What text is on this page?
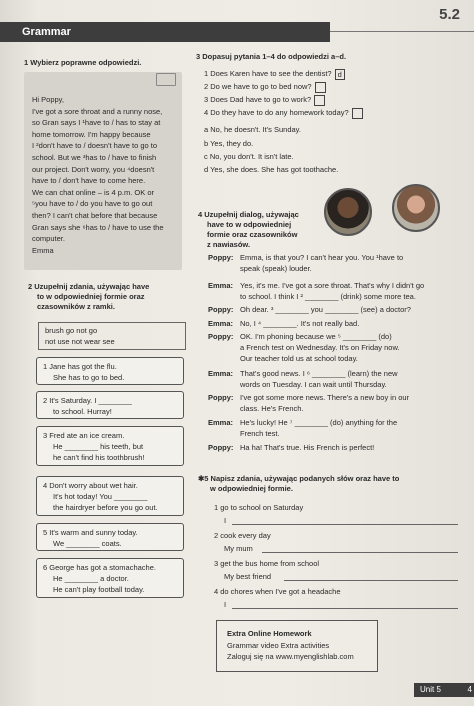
5.2
Grammar
1 Wybierz poprawne odpowiedzi.
Hi Poppy,
I've got a sore throat and a runny nose,
so Gran says I ¹have to / has to stay at
home tomorrow. I'm happy because
I ²don't have to / doesn't have to go to
school. But we ³has to / have to finish
our project. Don't worry, you ⁴doesn't
have to / don't have to come here.
We can chat online – is 4 p.m. OK or
⁵you have to / do you have to go out
then? I can't chat before that because
Gran says she ⁶has to / have to use the
computer.
Emma
2 Uzupełnij zdania, używając have
to w odpowiedniej formie oraz
czasowników z ramki.
brush go not go
not use not wear see
1 Jane has got the flu.
She has to go to bed.
2 It's Saturday. I ________
to school. Hurray!
3 Fred ate an ice cream.
He ________ his teeth, but
he can't find his toothbrush!
4 Don't worry about wet hair.
It's hot today! You ________
the hairdryer before you go out.
5 It's warm and sunny today.
We ________ coats.
6 George has got a stomachache.
He ________ a doctor.
He can't play football today.
3 Dopasuj pytania 1–4 do odpowiedzi a–d.
1 Does Karen have to see the dentist? d
2 Do we have to go to bed now?
3 Does Dad have to go to work?
4 Do they have to do any homework today?
a No, he doesn't. It's Sunday.
b Yes, they do.
c No, you don't. It isn't late.
d Yes, she does. She has got toothache.
4 Uzupełnij dialog, używając
have to w odpowiedniej
formie oraz czasowników
z nawiasów.
Poppy: Emma, is that you? I can't hear you. You ¹have to
speak (speak) louder.
Emma: Yes, it's me. I've got a sore throat. That's why I didn't go
to school. I think I ² ________ (drink) some more tea.
Poppy: Oh dear. ³ ________ you ________ (see) a doctor?
Emma: No, I ⁴ ________. It's not really bad.
Poppy: OK. I'm phoning because we ⁵ ________ (do)
a French test on Wednesday. It's on Friday now.
Our teacher told us at school today.
Emma: That's good news. I ⁶ ________ (learn) the new
words on Tuesday. I can wait until Thursday.
Poppy: I've got some more news. There's a new boy in our
class. He's French.
Emma: He's lucky! He ⁷ ________ (do) anything for the
French test.
Poppy: Ha ha! That's true. His French is perfect!
✱5 Napisz zdania, używając podanych słów oraz have to
w odpowiedniej formie.
1 go to school on Saturday
I
2 cook every day
My mum
3 get the bus home from school
My best friend
4 do chores when I've got a headache
I
Extra Online Homework
Grammar video Extra activities
Zaloguj się na www.myenglishlab.com
Unit 5	4
